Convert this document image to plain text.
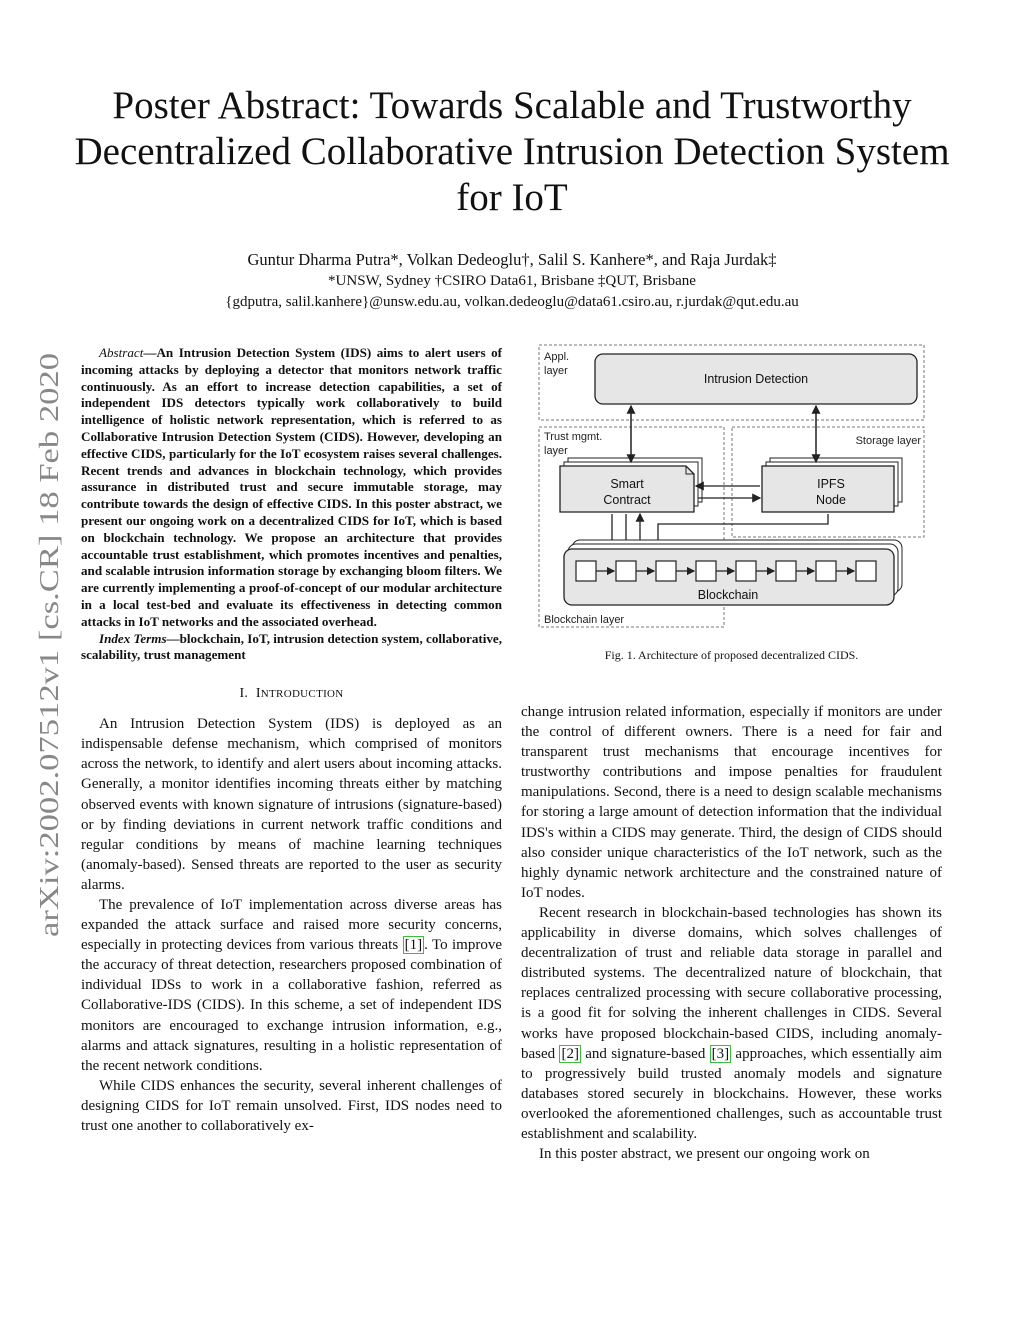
arXiv:2002.07512v1 [cs.CR] 18 Feb 2020
Poster Abstract: Towards Scalable and Trustworthy Decentralized Collaborative Intrusion Detection System for IoT
Guntur Dharma Putra*, Volkan Dedeoglu†, Salil S. Kanhere*, and Raja Jurdak‡
*UNSW, Sydney †CSIRO Data61, Brisbane ‡QUT, Brisbane
{gdputra, salil.kanhere}@unsw.edu.au, volkan.dedeoglu@data61.csiro.au, r.jurdak@qut.edu.au

Abstract—An Intrusion Detection System (IDS) aims to alert users of incoming attacks by deploying a detector that monitors network traffic continuously. As an effort to increase detection capabilities, a set of independent IDS detectors typically work collaboratively to build intelligence of holistic network representation, which is referred to as Collaborative Intrusion Detection System (CIDS). However, developing an effective CIDS, particularly for the IoT ecosystem raises several challenges. Recent trends and advances in blockchain technology, which provides assurance in distributed trust and secure immutable storage, may contribute towards the design of effective CIDS. In this poster abstract, we present our ongoing work on a decentralized CIDS for IoT, which is based on blockchain technology. We propose an architecture that provides accountable trust establishment, which promotes incentives and penalties, and scalable intrusion information storage by exchanging bloom filters. We are currently implementing a proof-of-concept of our modular architecture in a local test-bed and evaluate its effectiveness in detecting common attacks in IoT networks and the associated overhead.

Index Terms—blockchain, IoT, intrusion detection system, collaborative, scalability, trust management

I. INTRODUCTION

An Intrusion Detection System (IDS) is deployed as an indispensable defense mechanism, which comprised of monitors across the network, to identify and alert users about incoming attacks. Generally, a monitor identifies incoming threats either by matching observed events with known signature of intrusions (signature-based) or by finding deviations in current network traffic conditions and regular conditions by means of machine learning techniques (anomaly-based). Sensed threats are reported to the user as security alarms.

The prevalence of IoT implementation across diverse areas has expanded the attack surface and raised more security concerns, especially in protecting devices from various threats [1] . To improve the accuracy of threat detection, researchers proposed combination of individual IDSs to work in a collaborative fashion, referred as Collaborative-IDS (CIDS). In this scheme, a set of independent IDS monitors are encouraged to exchange intrusion information, e.g., alarms and attack signatures, resulting in a holistic representation of the recent network conditions.

While CIDS enhances the security, several inherent challenges of designing CIDS for IoT remain unsolved. First, IDS nodes need to trust one another to collaboratively ex-

Appl.
layer
Intrusion Detection
Trust mgmt.
layer
Storage layer
Smart
Contract
IPFS
Node
Blockchain
Blockchain layer
Fig. 1. Architecture of proposed decentralized CIDS.

change intrusion related information, especially if monitors are under the control of different owners. There is a need for fair and transparent trust mechanisms that encourage incentives for trustworthy contributions and impose penalties for fraudulent manipulations. Second, there is a need to design scalable mechanisms for storing a large amount of detection information that the individual IDS's within a CIDS may generate. Third, the design of CIDS should also consider unique characteristics of the IoT network, such as the highly dynamic network architecture and the constrained nature of IoT nodes.

Recent research in blockchain-based technologies has shown its applicability in diverse domains, which solves challenges of decentralization of trust and reliable data storage in parallel and distributed systems. The decentralized nature of blockchain, that replaces centralized processing with secure collaborative processing, is a good fit for solving the inherent challenges in CIDS. Several works have proposed blockchain-based CIDS, including anomaly-based [2] and signature-based [3] approaches, which essentially aim to progressively build trusted anomaly models and signature databases stored securely in blockchains. However, these works overlooked the aforementioned challenges, such as accountable trust establishment and scalability.

In this poster abstract, we present our ongoing work on
